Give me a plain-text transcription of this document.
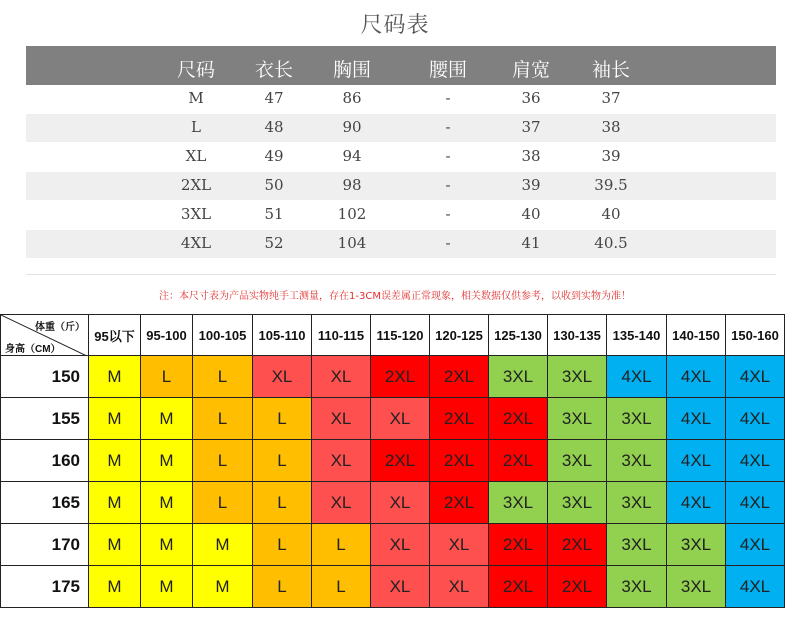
尺码表
尺码 衣长 胸围	腰围 肩宽 袖长
M	47	86	-	36	37
L	48	90	-	37	38
XL	49	94	-	38	39
2XL	50	98	-	39	39.5
3XL	51	102	-	40	40
4XL	52	104	-	41	40.5
注：本尺寸表为产品实物纯手工测量，存在1-3CM误差属正常现象，相关数据仅供参考，以收到实物为准！
体重（斤）
身高（CM）	95以下	95-100	100-105	105-110	110-115	115-120	120-125	125-130	130-135	135-140	140-150	150-160
150	M	L	L	XL	XL	2XL	2XL	3XL	3XL	4XL	4XL	4XL
155	M	M	L	L	XL	XL	2XL	2XL	3XL	3XL	4XL	4XL
160	M	M	L	L	XL	2XL	2XL	2XL	3XL	3XL	4XL	4XL
165	M	M	L	L	XL	XL	2XL	3XL	3XL	3XL	4XL	4XL
170	M	M	M	L	L	XL	XL	2XL	2XL	3XL	3XL	4XL
175	M	M	M	L	L	XL	XL	2XL	2XL	3XL	3XL	4XL
